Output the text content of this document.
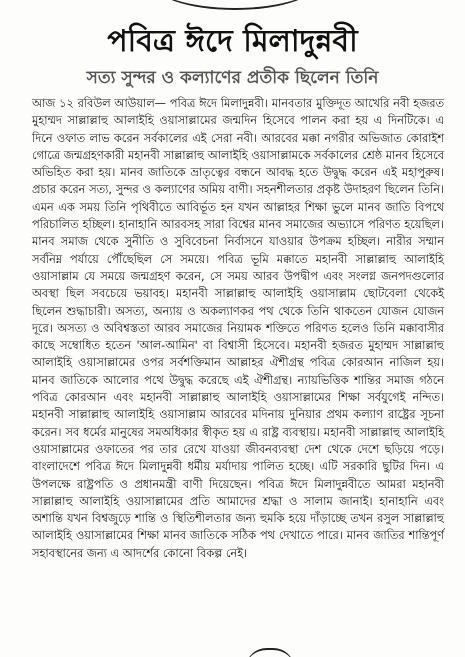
পবিত্র ঈদে মিলাদুন্নবী
সত্য সুন্দর ও কল্যাণের প্রতীক ছিলেন তিনি

আজ ১২ রবিউল আউয়াল— পবিত্র ঈদে মিলাদুন্নবী। মানবতার মুক্তিদূত আখেরি নবী হজরত মুহাম্মদ সাল্লাল্লাহু আলাইহি ওয়াসাল্লামের জন্মদিন হিসেবে পালন করা হয় এ দিনটিকে। এ দিনে ওফাত লাভ করেন সর্বকালের এই সেরা নবী। আরবের মক্কা নগরীর অভিজাত কোরাইশ গোত্রে জন্মগ্রহণকারী মহানবী সাল্লাল্লাহু আলাইহি ওয়াসাল্লামকে সর্বকালের শ্রেষ্ঠ মানব হিসেবে অভিহিত করা হয়। মানব জাতিকে ভ্রাতৃত্বের বন্ধনে আবদ্ধ হতে উদ্বুদ্ধ করেন এই মহাপুরুষ। প্রচার করেন সত্য, সুন্দর ও কল্যাণের অমিয় বাণী। সহনশীলতার প্রকৃষ্ট উদাহরণ ছিলেন তিনি। এমন এক সময় তিনি পৃথিবীতে আবির্ভূত হন যখন আল্লাহর শিক্ষা ভুলে মানব জাতি বিপথে পরিচালিত হচ্ছিল। হানাহানি আরবসহ সারা বিশ্বের মানব সমাজের অভ্যাসে পরিণত হয়েছিল। মানব সমাজ থেকে সুনীতি ও সুবিবেচনা নির্বাসনে যাওয়ার উপক্রম হচ্ছিল। নারীর সম্মান সর্বনিম্ন পর্যায়ে পৌঁছেছিল সে সময়ে। পবিত্র ভূমি মক্কাতে মহানবী সাল্লাল্লাহু আলাইহি ওয়াসাল্লাম যে সময়ে জন্মগ্রহণ করেন, সে সময় আরব উপদ্বীপ এবং সংলগ্ন জনপদগুলোর অবস্থা ছিল সবচেয়ে ভয়াবহ। মহানবী সাল্লাল্লাহু আলাইহি ওয়াসাল্লাম ছোটবেলা থেকেই ছিলেন শুদ্ধাচারী। অসত্য, অন্যায় ও অকল্যাণকর পথ থেকে তিনি থাকতেন যোজন যোজন দূরে। অসত্য ও অবিশ্বস্ততা আরব সমাজের নিয়ামক শক্তিতে পরিণত হলেও তিনি মক্কাবাসীর কাছে সম্বোধিত হতেন 'আল-আমিন' বা বিশ্বাসী হিসেবে। মহানবী হজরত মুহাম্মদ সাল্লাল্লাহু আলাইহি ওয়াসাল্লামের ওপর সর্বশক্তিমান আল্লাহর ঐশীগ্রন্থ পবিত্র কোরআন নাজিল হয়। মানব জাতিকে আলোর পথে উদ্বুদ্ধ করেছে এই ঐশীগ্রন্থ। ন্যায়ভিত্তিক শান্তির সমাজ গঠনে পবিত্র কোরআন এবং মহানবী সাল্লাল্লাহু আলাইহি ওয়াসাল্লামের শিক্ষা সর্বযুগেই নন্দিত। মহানবী সাল্লাল্লাহু আলাইহি ওয়াসাল্লাম আরবের মদিনায় দুনিয়ার প্রথম কল্যাণ রাষ্ট্রের সূচনা করেন। সব ধর্মের মানুষের সমঅধিকার স্বীকৃত হয় এ রাষ্ট্র ব্যবস্থায়। মহানবী সাল্লাল্লাহু আলাইহি ওয়াসাল্লামের ওফাতের পর তার রেখে যাওয়া জীবনব্যবস্থা দেশ থেকে দেশে ছড়িয়ে পড়ে। বাংলাদেশে পবিত্র ঈদে মিলাদুন্নবী ধর্মীয় মর্যাদায় পালিত হচ্ছে। এটি সরকারি ছুটির দিন। এ উপলক্ষে রাষ্ট্রপতি ও প্রধানমন্ত্রী বাণী দিয়েছেন। পবিত্র ঈদে মিলাদুন্নবীতে আমরা মহানবী সাল্লাল্লাহু আলাইহি ওয়াসাল্লামের প্রতি আমাদের শ্রদ্ধা ও সালাম জানাই। হানাহানি এবং অশান্তি যখন বিশ্বজুড়ে শান্তি ও স্থিতিশীলতার জন্য হুমকি হয়ে দাঁড়াচ্ছে তখন রসুল সাল্লাল্লাহু আলাইহি ওয়াসাল্লামের শিক্ষা মানব জাতিকে সঠিক পথ দেখাতে পারে। মানব জাতির শান্তিপূর্ণ সহাবস্থানের জন্য এ আদর্শের কোনো বিকল্প নেই।
